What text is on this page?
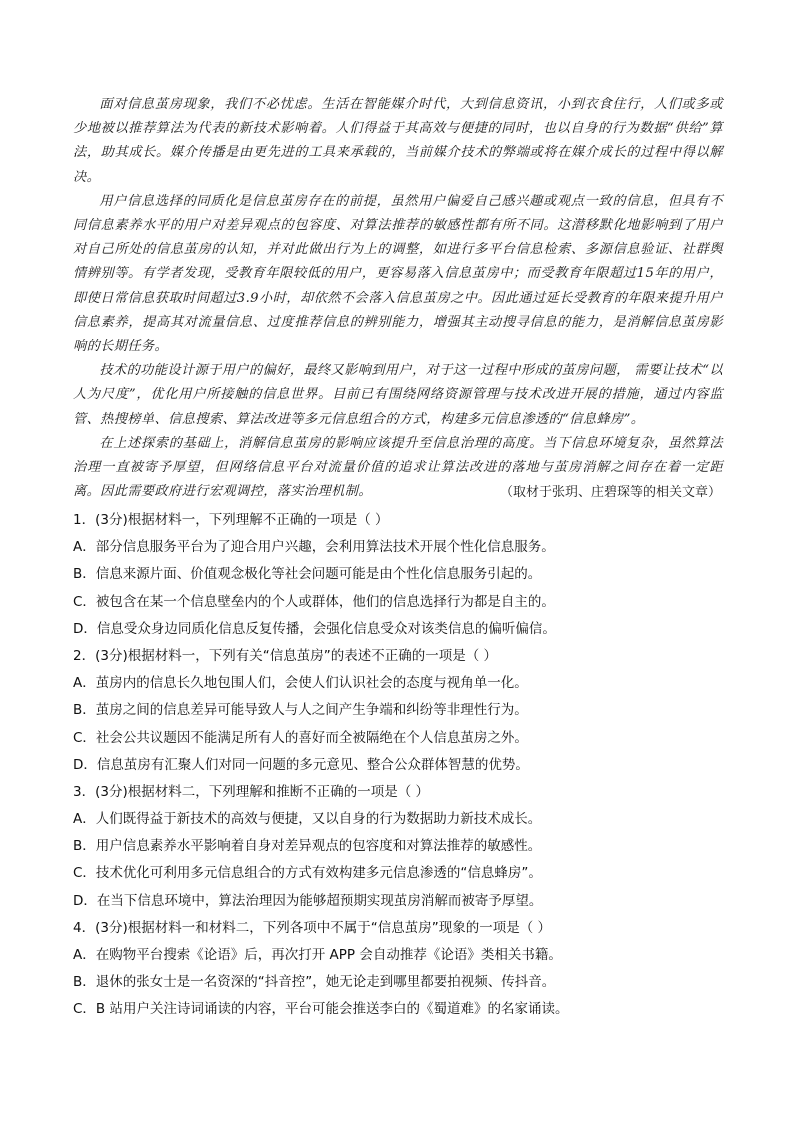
面对信息茧房现象，我们不必忧虑。生活在智能媒介时代，大到信息资讯，小到衣食住行，人们或多或少地被以推荐算法为代表的新技术影响着。人们得益于其高效与便捷的同时，也以自身的行为数据“供给”算法，助其成长。媒介传播是由更先进的工具来承载的，当前媒介技术的弊端或将在媒介成长的过程中得以解决。

用户信息选择的同质化是信息茧房存在的前提，虽然用户偏爱自己感兴趣或观点一致的信息，但具有不同信息素养水平的用户对差异观点的包容度、对算法推荐的敏感性都有所不同。这潜移默化地影响到了用户对自己所处的信息茧房的认知，并对此做出行为上的调整，如进行多平台信息检索、多源信息验证、社群舆情辨别等。有学者发现，受教育年限较低的用户，更容易落入信息茧房中；而受教育年限超过15年的用户，即使日常信息获取时间超过3.9小时，却依然不会落入信息茧房之中。因此通过延长受教育的年限来提升用户信息素养，提高其对流量信息、过度推荐信息的辨别能力，增强其主动搜寻信息的能力，是消解信息茧房影响的长期任务。

技术的功能设计源于用户的偏好，最终又影响到用户，对于这一过程中形成的茧房问题， 需要让技术“以人为尺度”，优化用户所接触的信息世界。目前已有围绕网络资源管理与技术改进开展的措施，通过内容监管、热搜榜单、信息搜索、算法改进等多元信息组合的方式，构建多元信息渗透的“信息蜂房”。

在上述探索的基础上，消解信息茧房的影响应该提升至信息治理的高度。当下信息环境复杂，虽然算法治理一直被寄予厚望，但网络信息平台对流量价值的追求让算法改进的落地与茧房消解之间存在着一定距离。因此需要政府进行宏观调控，落实治理机制。	（取材于张玥、庄碧琛等的相关文章）
1．(3分)根据材料一，下列理解不正确的一项是（ ）
A．部分信息服务平台为了迎合用户兴趣，会利用算法技术开展个性化信息服务。
B．信息来源片面、价值观念极化等社会问题可能是由个性化信息服务引起的。
C．被包含在某一个信息壁垒内的个人或群体，他们的信息选择行为都是自主的。
D．信息受众身边同质化信息反复传播，会强化信息受众对该类信息的偏听偏信。
2．(3分)根据材料一，下列有关“信息茧房”的表述不正确的一项是（ ）
A．茧房内的信息长久地包围人们，会使人们认识社会的态度与视角单一化。
B．茧房之间的信息差异可能导致人与人之间产生争端和纠纷等非理性行为。
C．社会公共议题因不能满足所有人的喜好而全被隔绝在个人信息茧房之外。
D．信息茧房有汇聚人们对同一问题的多元意见、整合公众群体智慧的优势。
3．(3分)根据材料二，下列理解和推断不正确的一项是（ ）
A．人们既得益于新技术的高效与便捷，又以自身的行为数据助力新技术成长。
B．用户信息素养水平影响着自身对差异观点的包容度和对算法推荐的敏感性。
C．技术优化可利用多元信息组合的方式有效构建多元信息渗透的“信息蜂房”。
D．在当下信息环境中，算法治理因为能够超预期实现茧房消解而被寄予厚望。
4．(3分)根据材料一和材料二，下列各项中不属于“信息茧房”现象的一项是（ ）
A．在购物平台搜索《论语》后，再次打开 APP 会自动推荐《论语》类相关书籍。
B．退休的张女士是一名资深的“抖音控”，她无论走到哪里都要拍视频、传抖音。
C．B 站用户关注诗词诵读的内容，平台可能会推送李白的《蜀道难》的名家诵读。
